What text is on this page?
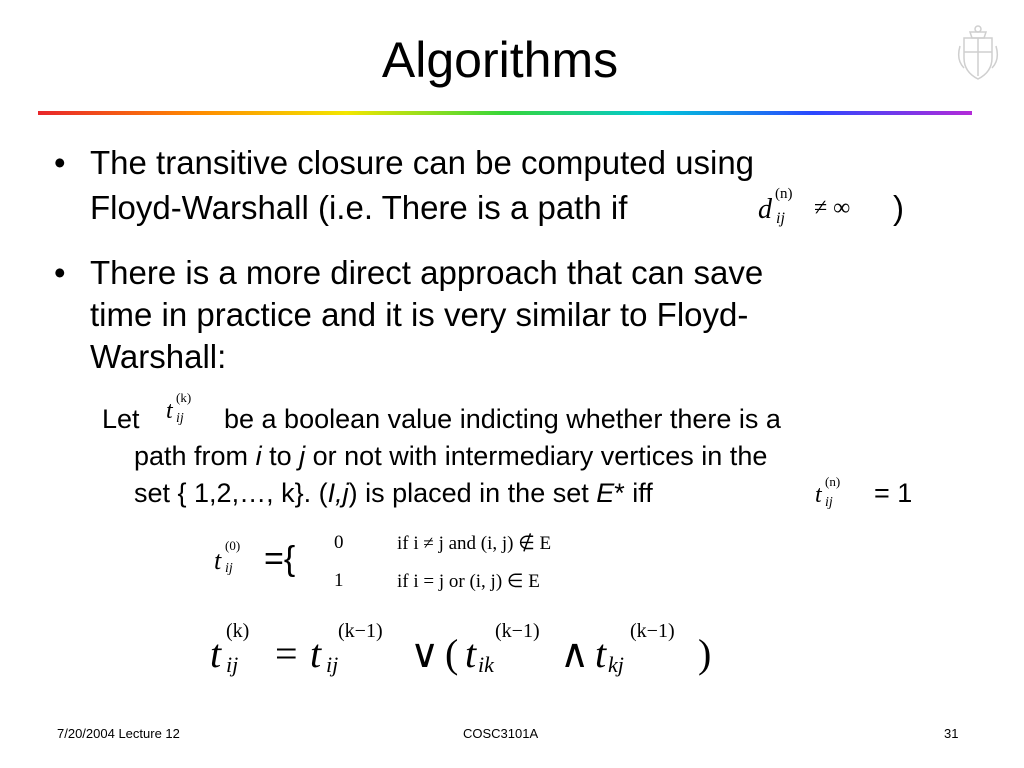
Algorithms
• The transitive closure can be computed using
Floyd-Warshall (i.e. There is a path if	d (n)
ij ≠ ∞ )
• There is a more direct approach that can save
time in practice and it is very similar to Floyd-
Warshall:
Let t
(k)
ij be a boolean value indicting whether there is a
path from i to j or not with intermediary vertices in the
set { 1,2,…, k}. (I,j) is placed in the set E* iff	t
(n)
ij = 1
t
(0)
ij ={ 0	if i ≠ j and (i, j) ∉ E
1	if i = j or (i, j) ∈ E
t (k)
ij = t (k−1)
ij ∨ ( t (k−1)
ik ∧ t (k−1)
kj )
7/20/2004 Lecture 12	COSC3101A	31
